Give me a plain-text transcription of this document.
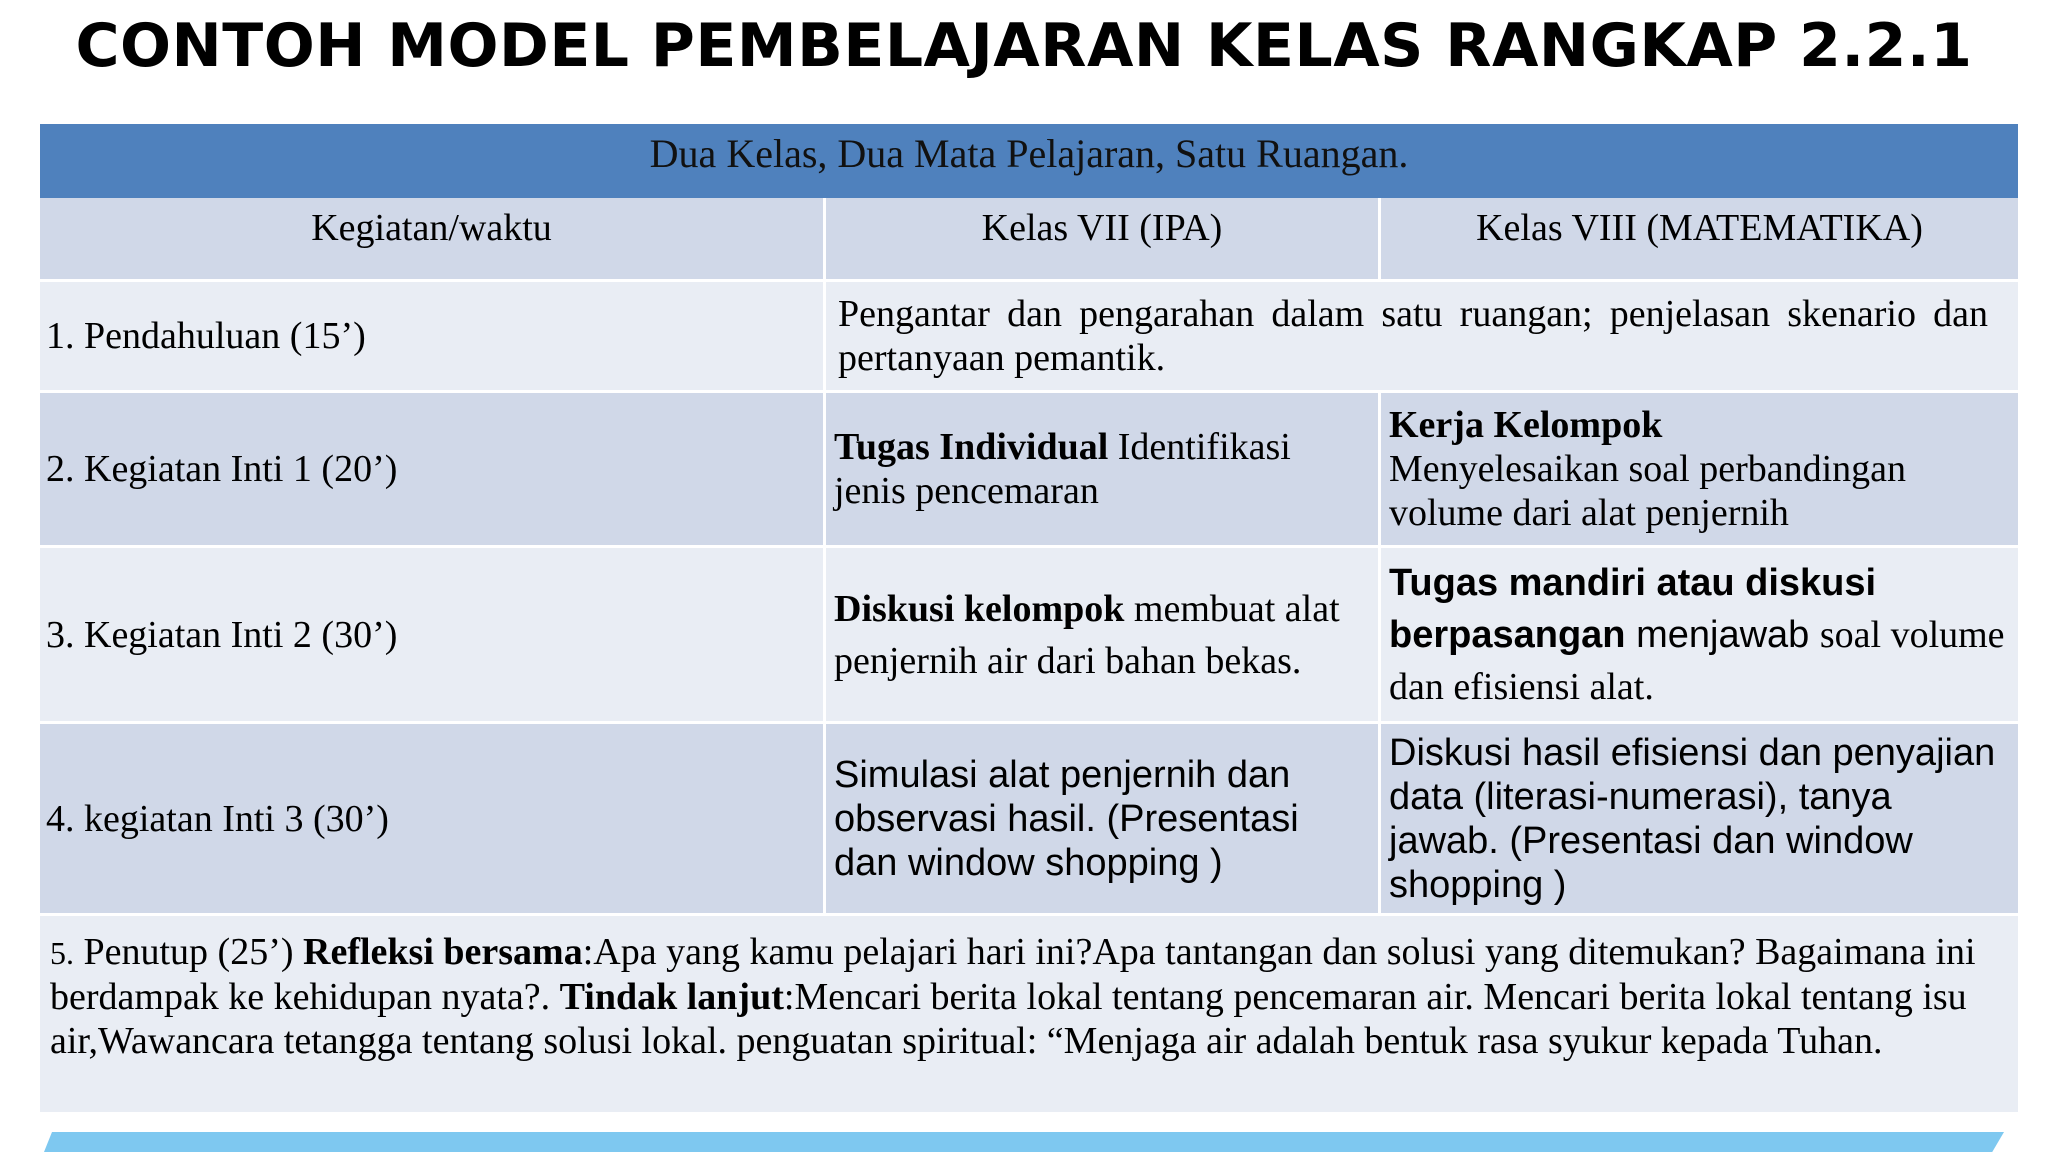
CONTOH MODEL PEMBELAJARAN KELAS RANGKAP 2.2.1
Dua Kelas, Dua Mata Pelajaran, Satu Ruangan.
Kegiatan/waktu	Kelas VII (IPA)	Kelas VIII (MATEMATIKA)
1. Pendahuluan (15’)
Pengantar dan pengarahan dalam satu ruangan; penjelasan skenario dan pertanyaan pemantik.
2. Kegiatan Inti 1 (20’)
Tugas Individual Identifikasi jenis pencemaran
Kerja Kelompok
Menyelesaikan soal perbandingan volume dari alat penjernih
3. Kegiatan Inti 2 (30’)
Diskusi kelompok membuat alat penjernih air dari bahan bekas.
Tugas mandiri atau diskusi berpasangan menjawab soal volume dan efisiensi alat.
4. kegiatan Inti 3 (30’)
Simulasi alat penjernih dan observasi hasil. (Presentasi dan window shopping )
Diskusi hasil efisiensi dan penyajian data (literasi-numerasi), tanya jawab. (Presentasi dan window shopping )
5. Penutup (25’) Refleksi bersama:Apa yang kamu pelajari hari ini?Apa tantangan dan solusi yang ditemukan? Bagaimana ini berdampak ke kehidupan nyata?. Tindak lanjut:Mencari berita lokal tentang pencemaran air. Mencari berita lokal tentang isu air,Wawancara tetangga tentang solusi lokal. penguatan spiritual: “Menjaga air adalah bentuk rasa syukur kepada Tuhan.
